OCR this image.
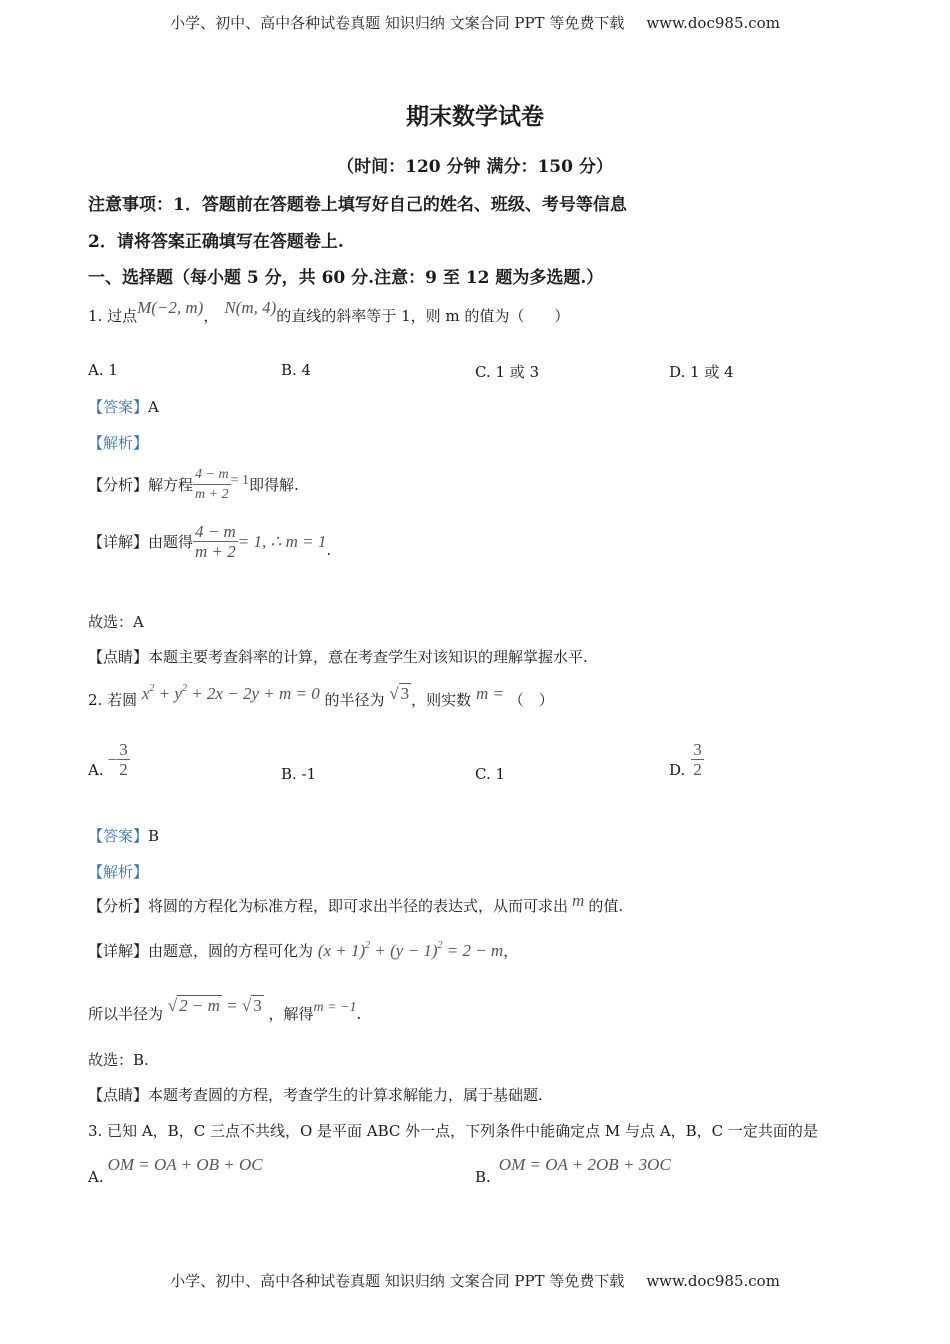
小学、初中、高中各种试卷真题 知识归纳 文案合同 PPT 等免费下载 www.doc985.com
期末数学试卷
（时间：120 分钟 满分：150 分）
注意事项：1．答题前在答题卷上填写好自己的姓名、班级、考号等信息
2．请将答案正确填写在答题卷上.
一、选择题（每小题 5 分，共 60 分.注意：9 至 12 题为多选题.）
1. 过点M(−2, m)， N(m, 4)的直线的斜率等于 1，则 m 的值为（　　）
A. 1	B. 4	C. 1 或 3	D. 1 或 4
【答案】A
【解析】
【分析】 解方程 $\frac{4 - m}{m + 2} = 1$ 即得解.
【详解】 由题得 $\frac{4 - m}{m + 2} = 1$, ∴ m = 1 .
故选：A
【点睛】本题主要考查斜率的计算，意在考查学生对该知识的理解掌握水平.
2. 若圆 $x^2 + y^2 + 2x - 2y + m = 0$ 的半径为 √ 3 ，则实数 m = （　）
A.
− $\frac{3}{2}$	B. -1	C. 1	D. $\frac{3}{2}$
【答案】B
【解析】
【分析】将圆的方程化为标准方程，即可求出半径的表达式，从而可求出 m 的值.
【详解】由题意，圆的方程可化为 $(x + 1)^2 + (y - 1)^2 = 2 - m$，
所以半径为 √ 2 − m = √ 3 ，解得m = −1.
故选：B.
【点睛】本题考查圆的方程，考查学生的计算求解能力，属于基础题.
3. 已知 A，B，C 三点不共线，O 是平面 ABC 外一点，下列条件中能确定点 M 与点 A，B，C 一定共面的是
A.OM = OA + OB + OC
B.OM = OA + 2OB + 3OC
小学、初中、高中各种试卷真题 知识归纳 文案合同 PPT 等免费下载 www.doc985.com
